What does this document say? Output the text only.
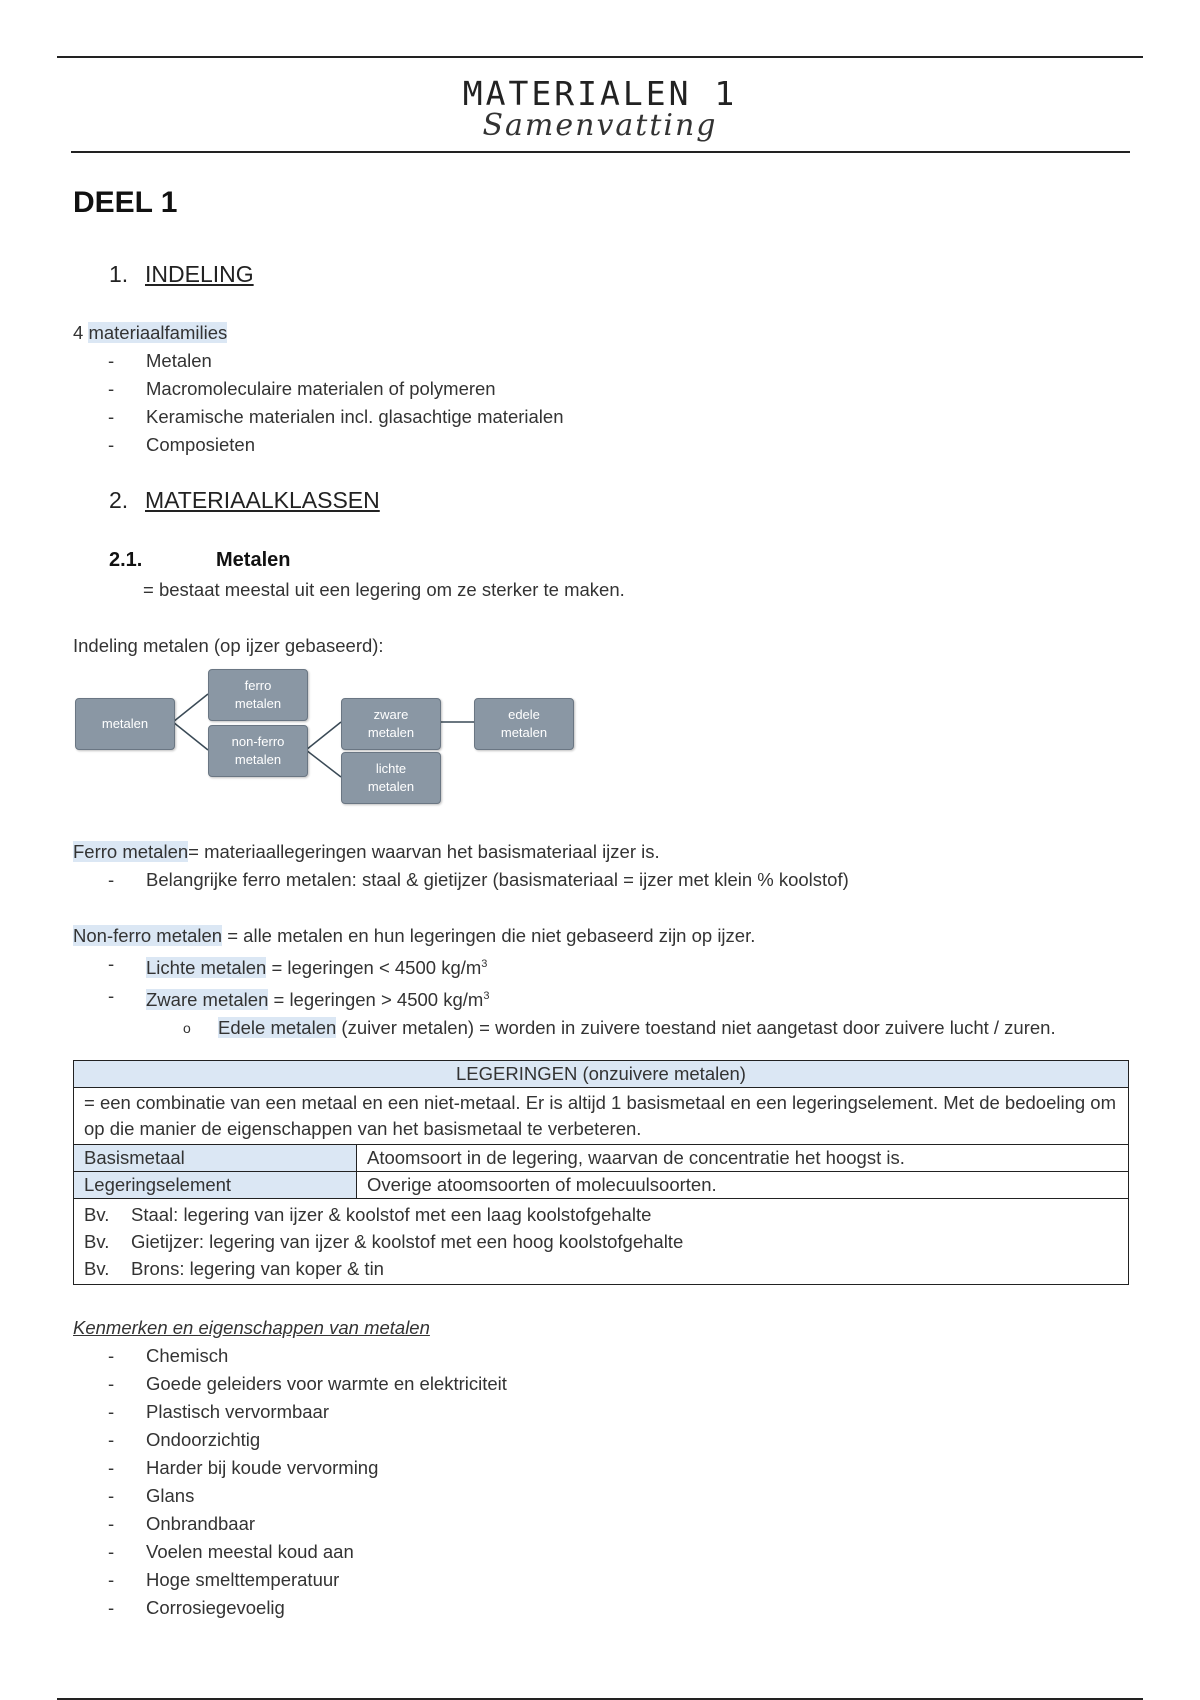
MATERIALEN 1
Samenvatting
DEEL 1
1. INDELING
4 materiaalfamilies
- Metalen
- Macromoleculaire materialen of polymeren
- Keramische materialen incl. glasachtige materialen
- Composieten
2. MATERIAALKLASSEN
2.1.	Metalen
= bestaat meestal uit een legering om ze sterker te maken.
Indeling metalen (op ijzer gebaseerd):
metalen
ferro
metalen
non-ferro
metalen
zware
metalen
lichte
metalen
edele
metalen
Ferro metalen= materiaallegeringen waarvan het basismateriaal ijzer is.
- Belangrijke ferro metalen: staal & gietijzer (basismateriaal = ijzer met klein % koolstof)
Non-ferro metalen = alle metalen en hun legeringen die niet gebaseerd zijn op ijzer.
- Lichte metalen = legeringen < 4500 $kg/m^3$
- Zware metalen = legeringen > 4500 $kg/m^3$
o Edele metalen (zuiver metalen) = worden in zuivere toestand niet aangetast door zuivere lucht / zuren.
LEGERINGEN (onzuivere metalen)	
= een combinatie van een metaal en een niet-metaal. Er is altijd 1 basismetaal en een legeringselement. Met de bedoeling om op die manier de eigenschappen van het basismetaal te verbeteren.	
Basismetaal	Atoomsoort in de legering, waarvan de concentratie het hoogst is.
Legeringselement	Overige atoomsoorten of molecuulsoorten.

Bv. Staal: legering van ijzer & koolstof met een laag koolstofgehalte
Bv. Gietijzer: legering van ijzer & koolstof met een hoog koolstofgehalte
Bv. Brons: legering van koper & tin	
Kenmerken en eigenschappen van metalen
- Chemisch
- Goede geleiders voor warmte en elektriciteit
- Plastisch vervormbaar
- Ondoorzichtig
- Harder bij koude vervorming
- Glans
- Onbrandbaar
- Voelen meestal koud aan
- Hoge smelttemperatuur
- Corrosiegevoelig
